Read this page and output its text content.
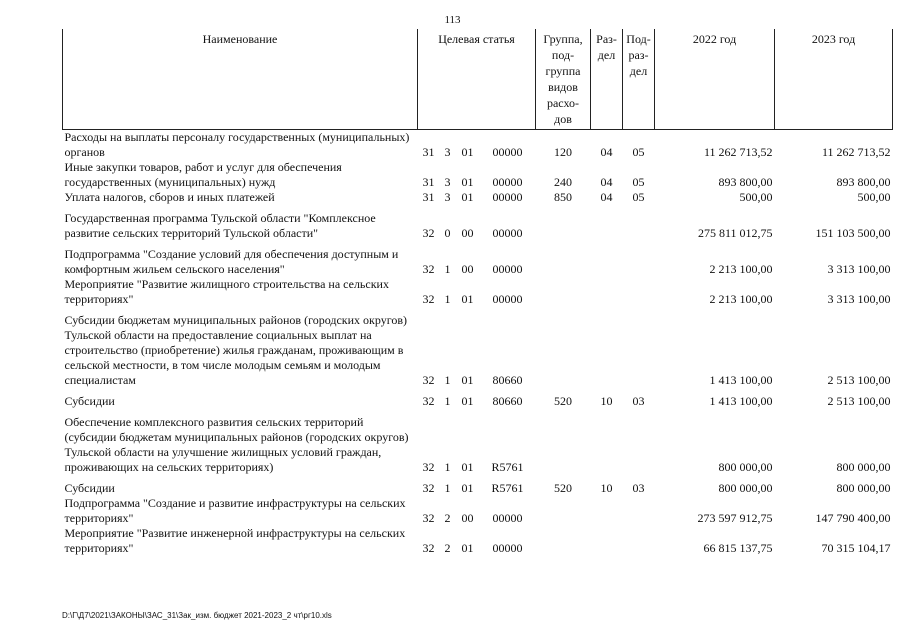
113
Наименование	Целевая статья				Группа, под-группа видов расхо-дов	Раз-дел	Под-раз-дел	2022 год	2023 год
Расходы на выплаты персоналу государственных (муниципальных) органов	31	3	01	00000	120	04	05	11 262 713,52	11 262 713,52
Иные закупки товаров, работ и услуг для обеспечения государственных (муниципальных) нужд	31	3	01	00000	240	04	05	893 800,00	893 800,00
Уплата налогов, сборов и иных платежей	31	3	01	00000	850	04	05	500,00	500,00

Государственная программа Тульской области "Комплексное развитие сельских территорий Тульской области"	32	0	00	00000				275 811 012,75	151 103 500,00

Подпрограмма "Создание условий для обеспечения доступным и комфортным жильем сельского населения"	32	1	00	00000				2 213 100,00	3 313 100,00
Мероприятие "Развитие жилищного строительства на сельских территориях"	32	1	01	00000				2 213 100,00	3 313 100,00

Субсидии бюджетам муниципальных районов (городских округов) Тульской области на предоставление социальных выплат на строительство (приобретение) жилья гражданам, проживающим в сельской местности, в том числе молодым семьям и молодым специалистам	32	1	01	80660				1 413 100,00	2 513 100,00

Субсидии	32	1	01	80660	520	10	03	1 413 100,00	2 513 100,00

Обеспечение комплексного развития сельских территорий (субсидии бюджетам муниципальных районов (городских округов) Тульской области на улучшение жилищных условий граждан, проживающих на сельских территориях)	32	1	01	R5761				800 000,00	800 000,00

Субсидии	32	1	01	R5761	520	10	03	800 000,00	800 000,00
Подпрограмма "Создание и развитие инфраструктуры на сельских территориях"	32	2	00	00000				273 597 912,75	147 790 400,00
Мероприятие "Развитие инженерной инфраструктуры на сельских территориях"	32	2	01	00000				66 815 137,75	70 315 104,17
D:\Г\Д7\2021\ЗАКОНЫ\ЗАС_31\Зак_изм. бюджет 2021-2023_2 чт\рг10.xls
